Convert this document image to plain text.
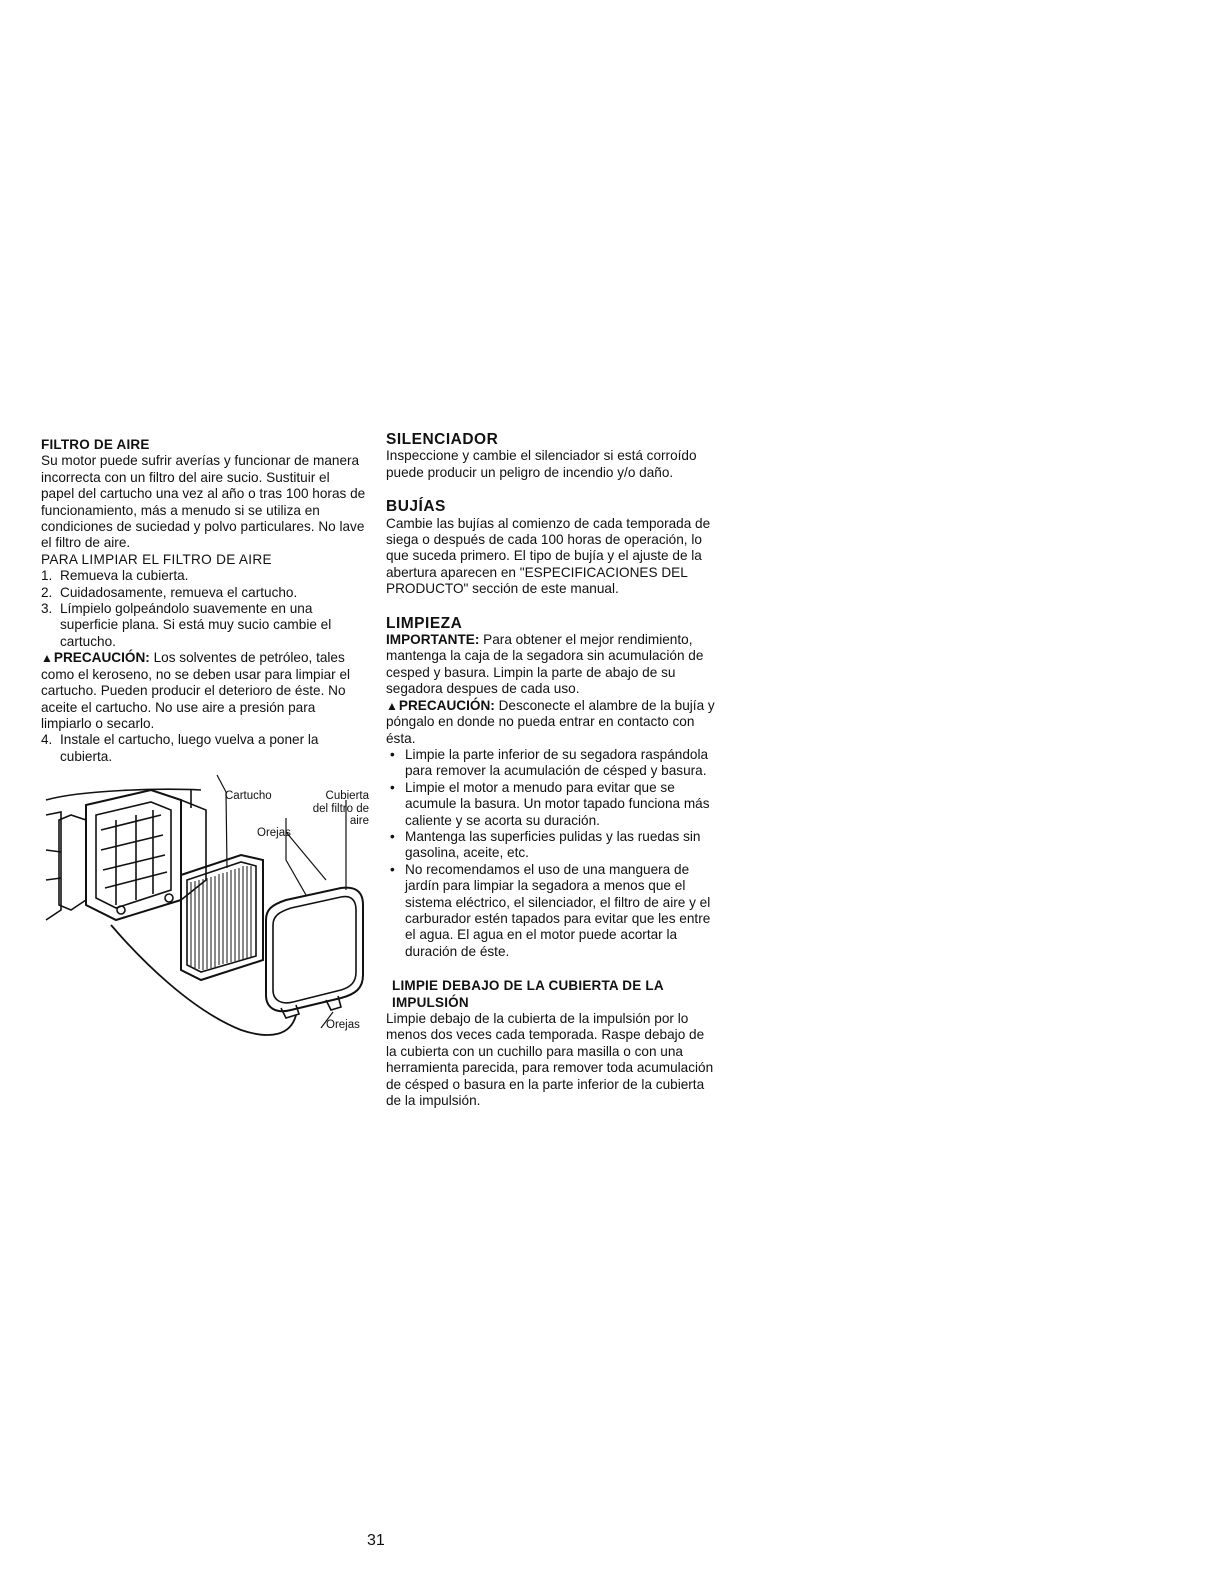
FILTRO DE AIRE

Su motor puede sufrir averías y funcionar de manera incorrecta con un filtro del aire sucio. Sustituir el papel del cartucho una vez al año o tras 100 horas de funcionamiento, más a menudo si se utiliza en condiciones de suciedad y polvo particulares. No lave el filtro de aire.

PARA LIMPIAR EL FILTRO DE AIRE

1. Remueva la cubierta.
2. Cuidadosamente, remueva el cartucho.
3. Límpielo golpeándolo suavemente en una superficie plana. Si está muy sucio cambie el cartucho.

▲PRECAUCIÓN: Los solventes de petróleo, tales como el keroseno, no se deben usar para limpiar el cartucho. Pueden producir el deterioro de éste. No aceite el cartucho. No use aire a presión para limpiarlo o secarlo.

4. Instale el cartucho, luego vuelva a poner la cubierta.
Cartucho	Cubierta del filtro de aire
Orejas
Orejas
SILENCIADOR

Inspeccione y cambie el silenciador si está corroído puede producir un peligro de incendio y/o daño.

BUJÍAS

Cambie las bujías al comienzo de cada temporada de siega o después de cada 100 horas de operación, lo que suceda primero. El tipo de bujía y el ajuste de la abertura aparecen en "ESPECIFICACIONES DEL PRODUCTO" sección de este manual.

LIMPIEZA

IMPORTANTE: Para obtener el mejor rendimiento, mantenga la caja de la segadora sin acumulación de cesped y basura. Limpin la parte de abajo de su segadora despues de cada uso.

▲PRECAUCIÓN: Desconecte el alambre de la bujía y póngalo en donde no pueda entrar en contacto con ésta.

• Limpie la parte inferior de su segadora raspándola para remover la acumulación de césped y basura.
• Limpie el motor a menudo para evitar que se acumule la basura. Un motor tapado funciona más caliente y se acorta su duración.
• Mantenga las superficies pulidas y las ruedas sin gasolina, aceite, etc.
• No recomendamos el uso de una manguera de jardín para limpiar la segadora a menos que el sistema eléctrico, el silenciador, el filtro de aire y el carburador estén tapados para evitar que les entre el agua. El agua en el motor puede acortar la duración de éste.
LIMPIE DEBAJO DE LA CUBIERTA DE LA IMPULSIÓN

Limpie debajo de la cubierta de la impulsión por lo menos dos veces cada temporada. Raspe debajo de la cubierta con un cuchillo para masilla o con una herramienta parecida, para remover toda acumulación de césped o basura en la parte inferior de la cubierta de la impulsión.

31
